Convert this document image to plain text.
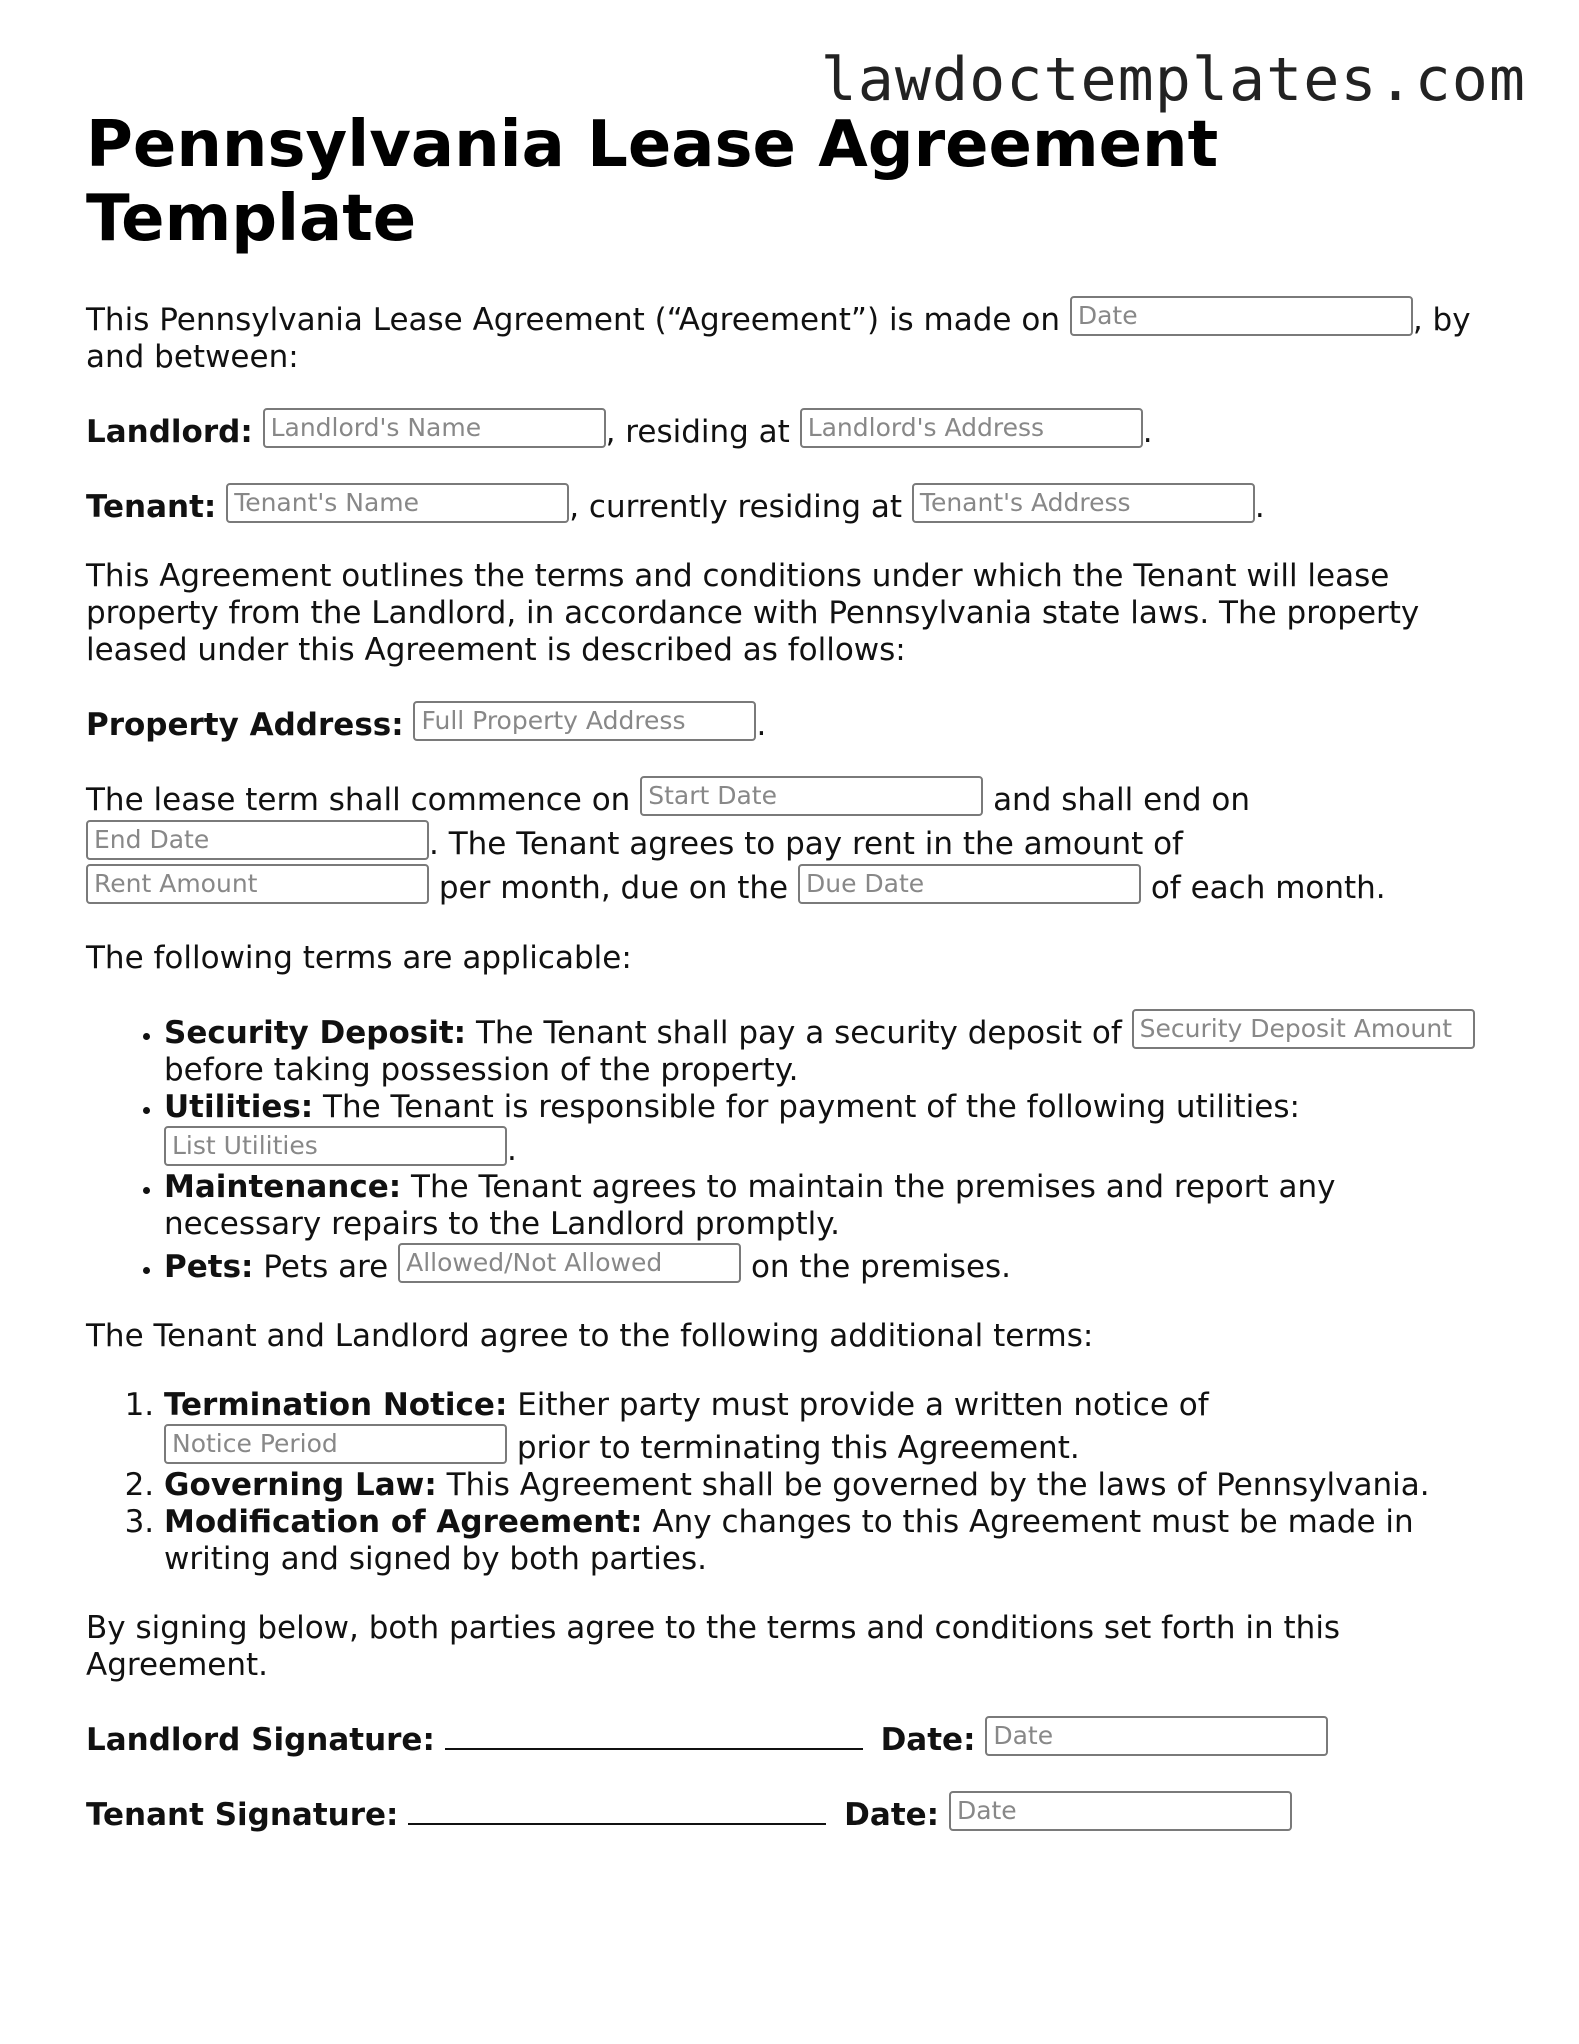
lawdoctemplates.com
Pennsylvania Lease Agreement Template

This Pennsylvania Lease Agreement (“Agreement”) is made on Date	, by and between:

Landlord: Landlord's Name	, residing at Landlord's Address	.

Tenant: Tenant's Name	, currently residing at Tenant's Address	.

This Agreement outlines the terms and conditions under which the Tenant will lease property from the Landlord, in accordance with Pennsylvania state laws. The property leased under this Agreement is described as follows:

Property Address: Full Property Address .

The lease term shall commence on Start Date	and shall end on End Date	. The Tenant agrees to pay rent in the amount of Rent Amount	per month, due on the Due Date	of each month.

The following terms are applicable:

• Security Deposit: The Tenant shall pay a security deposit of Security Deposit Amount before taking possession of the property.
• Utilities: The Tenant is responsible for payment of the following utilities: List Utilities	.
• Maintenance: The Tenant agrees to maintain the premises and report any necessary repairs to the Landlord promptly.
• Pets: Pets are Allowed/Not Allowed	on the premises.

The Tenant and Landlord agree to the following additional terms:

1. Termination Notice: Either party must provide a written notice of Notice Period	prior to terminating this Agreement.
2. Governing Law: This Agreement shall be governed by the laws of Pennsylvania.
3. Modification of Agreement: Any changes to this Agreement must be made in writing and signed by both parties.

By signing below, both parties agree to the terms and conditions set forth in this Agreement.

Landlord Signature:	Date: Date

Tenant Signature:	Date: Date
